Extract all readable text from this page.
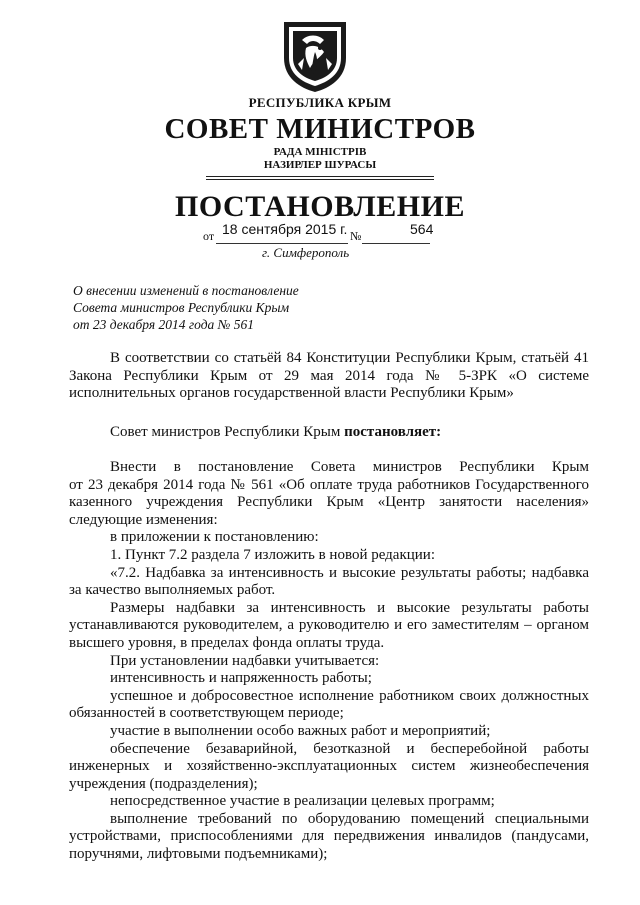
РЕСПУБЛИКА КРЫМ
СОВЕТ МИНИСТРОВ
РАДА МІНІСТРІВ
НАЗИРЛЕР ШУРАСЫ
ПОСТАНОВЛЕНИЕ
от 18 сентября 2015 г. №	564
г. Симферополь
О внесении изменений в постановление
Совета министров Республики Крым
от 23 декабря 2014 года № 561
В соответствии со статьёй 84 Конституции Республики Крым, статьёй 41
Закона Республики Крым от 29 мая 2014 года № 5-ЗРК «О системе
исполнительных органов государственной власти Республики Крым»
Совет министров Республики Крым постановляет:
Внести в постановление Совета министров Республики Крым
от 23 декабря 2014 года № 561 «Об оплате труда работников Государственного
казенного учреждения Республики Крым «Центр занятости населения»
следующие изменения:
в приложении к постановлению:
1. Пункт 7.2 раздела 7 изложить в новой редакции:
«7.2. Надбавка за интенсивность и высокие результаты работы; надбавка
за качество выполняемых работ.
Размеры надбавки за интенсивность и высокие результаты работы
устанавливаются руководителем, а руководителю и его заместителям – органом
высшего уровня, в пределах фонда оплаты труда.
При установлении надбавки учитывается:
интенсивность и напряженность работы;
успешное и добросовестное исполнение работником своих должностных
обязанностей в соответствующем периоде;
участие в выполнении особо важных работ и мероприятий;
обеспечение безаварийной, безотказной и бесперебойной работы
инженерных и хозяйственно-эксплуатационных систем жизнеобеспечения
учреждения (подразделения);
непосредственное участие в реализации целевых программ;
выполнение требований по оборудованию помещений специальными
устройствами, приспособлениями для передвижения инвалидов (пандусами,
поручнями, лифтовыми подъемниками);
